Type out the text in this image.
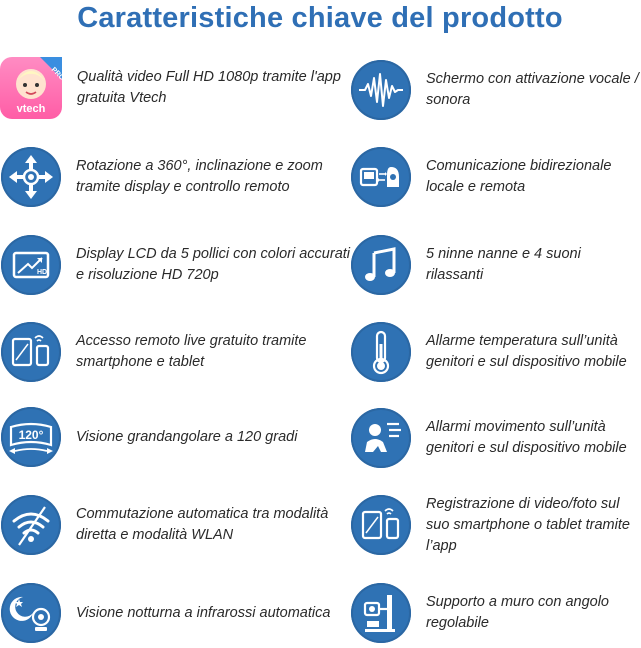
Caratteristiche chiave del prodotto
PRO
vtech
Qualità video Full HD 1080p tramite l'app gratuita Vtech
Rotazione a 360°, inclinazione e zoom tramite display e controllo remoto
HD
Display LCD da 5 pollici con colori accurati e risoluzione HD 720p
Accesso remoto live gratuito tramite smartphone e tablet
120° Visione grandangolare a 120 gradi
Commutazione automatica tra modalità diretta e modalità WLAN
Visione notturna a infrarossi automatica
Schermo con attivazione vocale / sonora
Comunicazione bidirezionale locale e remota
5 ninne nanne e 4 suoni rilassanti
Allarme temperatura sull’unità genitori e sul dispositivo mobile
Allarmi movimento sull’unità genitori e sul dispositivo mobile
Registrazione di video/foto sul suo smartphone o tablet tramite l’app
Supporto a muro con angolo regolabile
